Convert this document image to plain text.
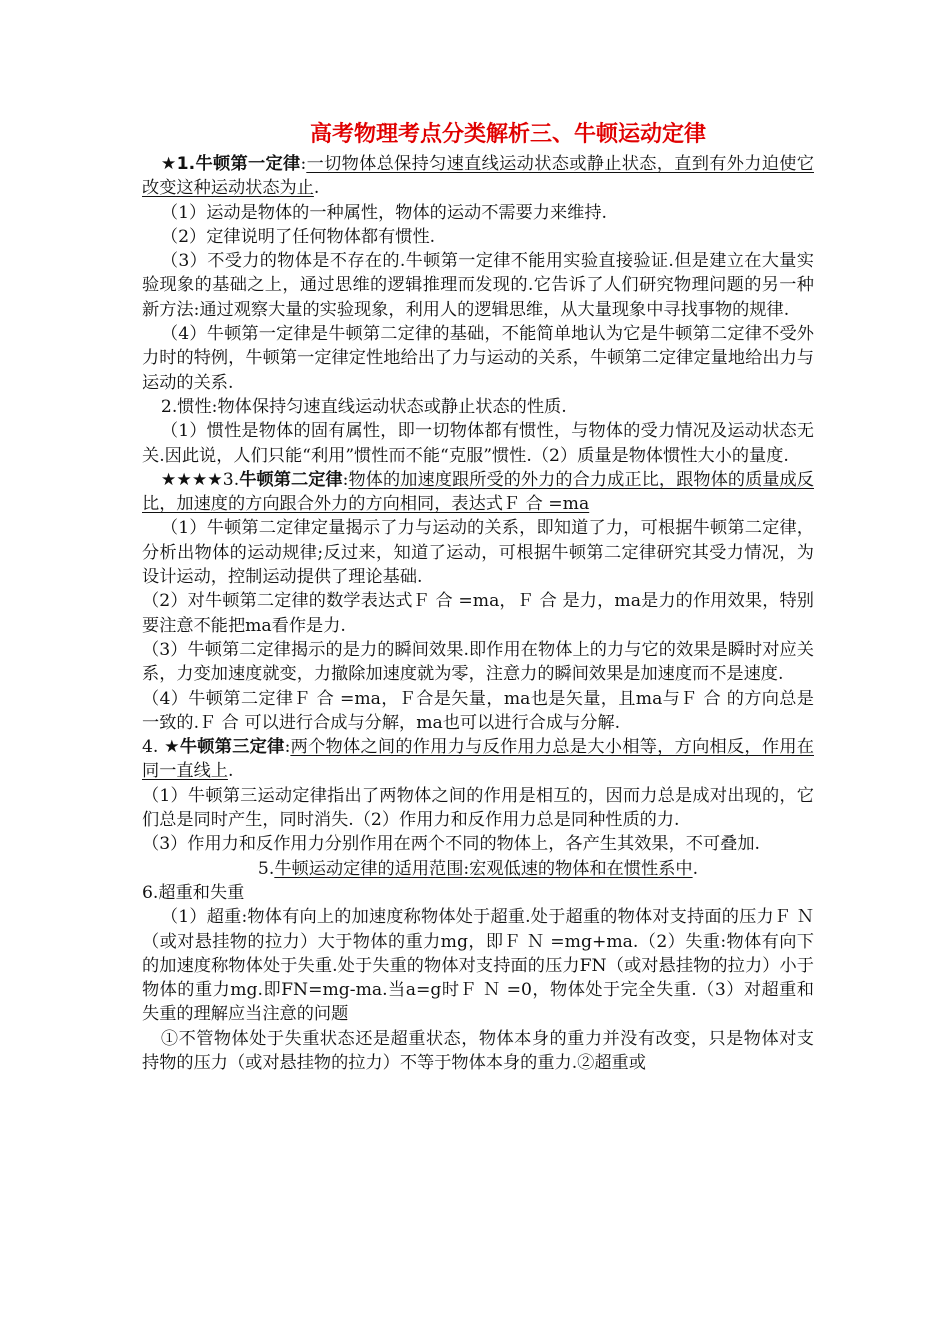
高考物理考点分类解析三、牛顿运动定律

★1.牛顿第一定律:一切物体总保持匀速直线运动状态或静止状态，直到有外力迫使它改变这种运动状态为止.

（1）运动是物体的一种属性，物体的运动不需要力来维持.

（2）定律说明了任何物体都有惯性.

（3）不受力的物体是不存在的.牛顿第一定律不能用实验直接验证.但是建立在大量实验现象的基础之上，通过思维的逻辑推理而发现的.它告诉了人们研究物理问题的另一种新方法:通过观察大量的实验现象，利用人的逻辑思维，从大量现象中寻找事物的规律.

（4）牛顿第一定律是牛顿第二定律的基础，不能简单地认为它是牛顿第二定律不受外力时的特例，牛顿第一定律定性地给出了力与运动的关系，牛顿第二定律定量地给出力与运动的关系.

2.惯性:物体保持匀速直线运动状态或静止状态的性质.

（1）惯性是物体的固有属性，即一切物体都有惯性，与物体的受力情况及运动状态无关.因此说，人们只能“利用”惯性而不能“克服”惯性.（2）质量是物体惯性大小的量度.

★★★★3.牛顿第二定律:物体的加速度跟所受的外力的合力成正比，跟物体的质量成反比，加速度的方向跟合外力的方向相同，表达式Ｆ 合 =ma

（1）牛顿第二定律定量揭示了力与运动的关系，即知道了力，可根据牛顿第二定律，分析出物体的运动规律;反过来，知道了运动，可根据牛顿第二定律研究其受力情况，为设计运动，控制运动提供了理论基础.

（2）对牛顿第二定律的数学表达式Ｆ 合 =ma，Ｆ 合 是力，ma是力的作用效果，特别要注意不能把ma看作是力.

（3）牛顿第二定律揭示的是力的瞬间效果.即作用在物体上的力与它的效果是瞬时对应关系，力变加速度就变，力撤除加速度就为零，注意力的瞬间效果是加速度而不是速度.

（4）牛顿第二定律Ｆ 合 =ma，Ｆ合是矢量，ma也是矢量，且ma与Ｆ 合 的方向总是一致的.Ｆ 合 可以进行合成与分解，ma也可以进行合成与分解.

4. ★牛顿第三定律:两个物体之间的作用力与反作用力总是大小相等，方向相反，作用在同一直线上.

（1）牛顿第三运动定律指出了两物体之间的作用是相互的，因而力总是成对出现的，它们总是同时产生，同时消失.（2）作用力和反作用力总是同种性质的力.

（3）作用力和反作用力分别作用在两个不同的物体上，各产生其效果，不可叠加.

5.牛顿运动定律的适用范围:宏观低速的物体和在惯性系中.

6.超重和失重

（1）超重:物体有向上的加速度称物体处于超重.处于超重的物体对支持面的压力Ｆ Ｎ （或对悬挂物的拉力）大于物体的重力mg，即Ｆ Ｎ =mg+ma.（2）失重:物体有向下的加速度称物体处于失重.处于失重的物体对支持面的压力FN（或对悬挂物的拉力）小于物体的重力mg.即FN=mg-ma.当a=g时Ｆ Ｎ =0，物体处于完全失重.（3）对超重和失重的理解应当注意的问题

①不管物体处于失重状态还是超重状态，物体本身的重力并没有改变，只是物体对支持物的压力（或对悬挂物的拉力）不等于物体本身的重力.②超重或
